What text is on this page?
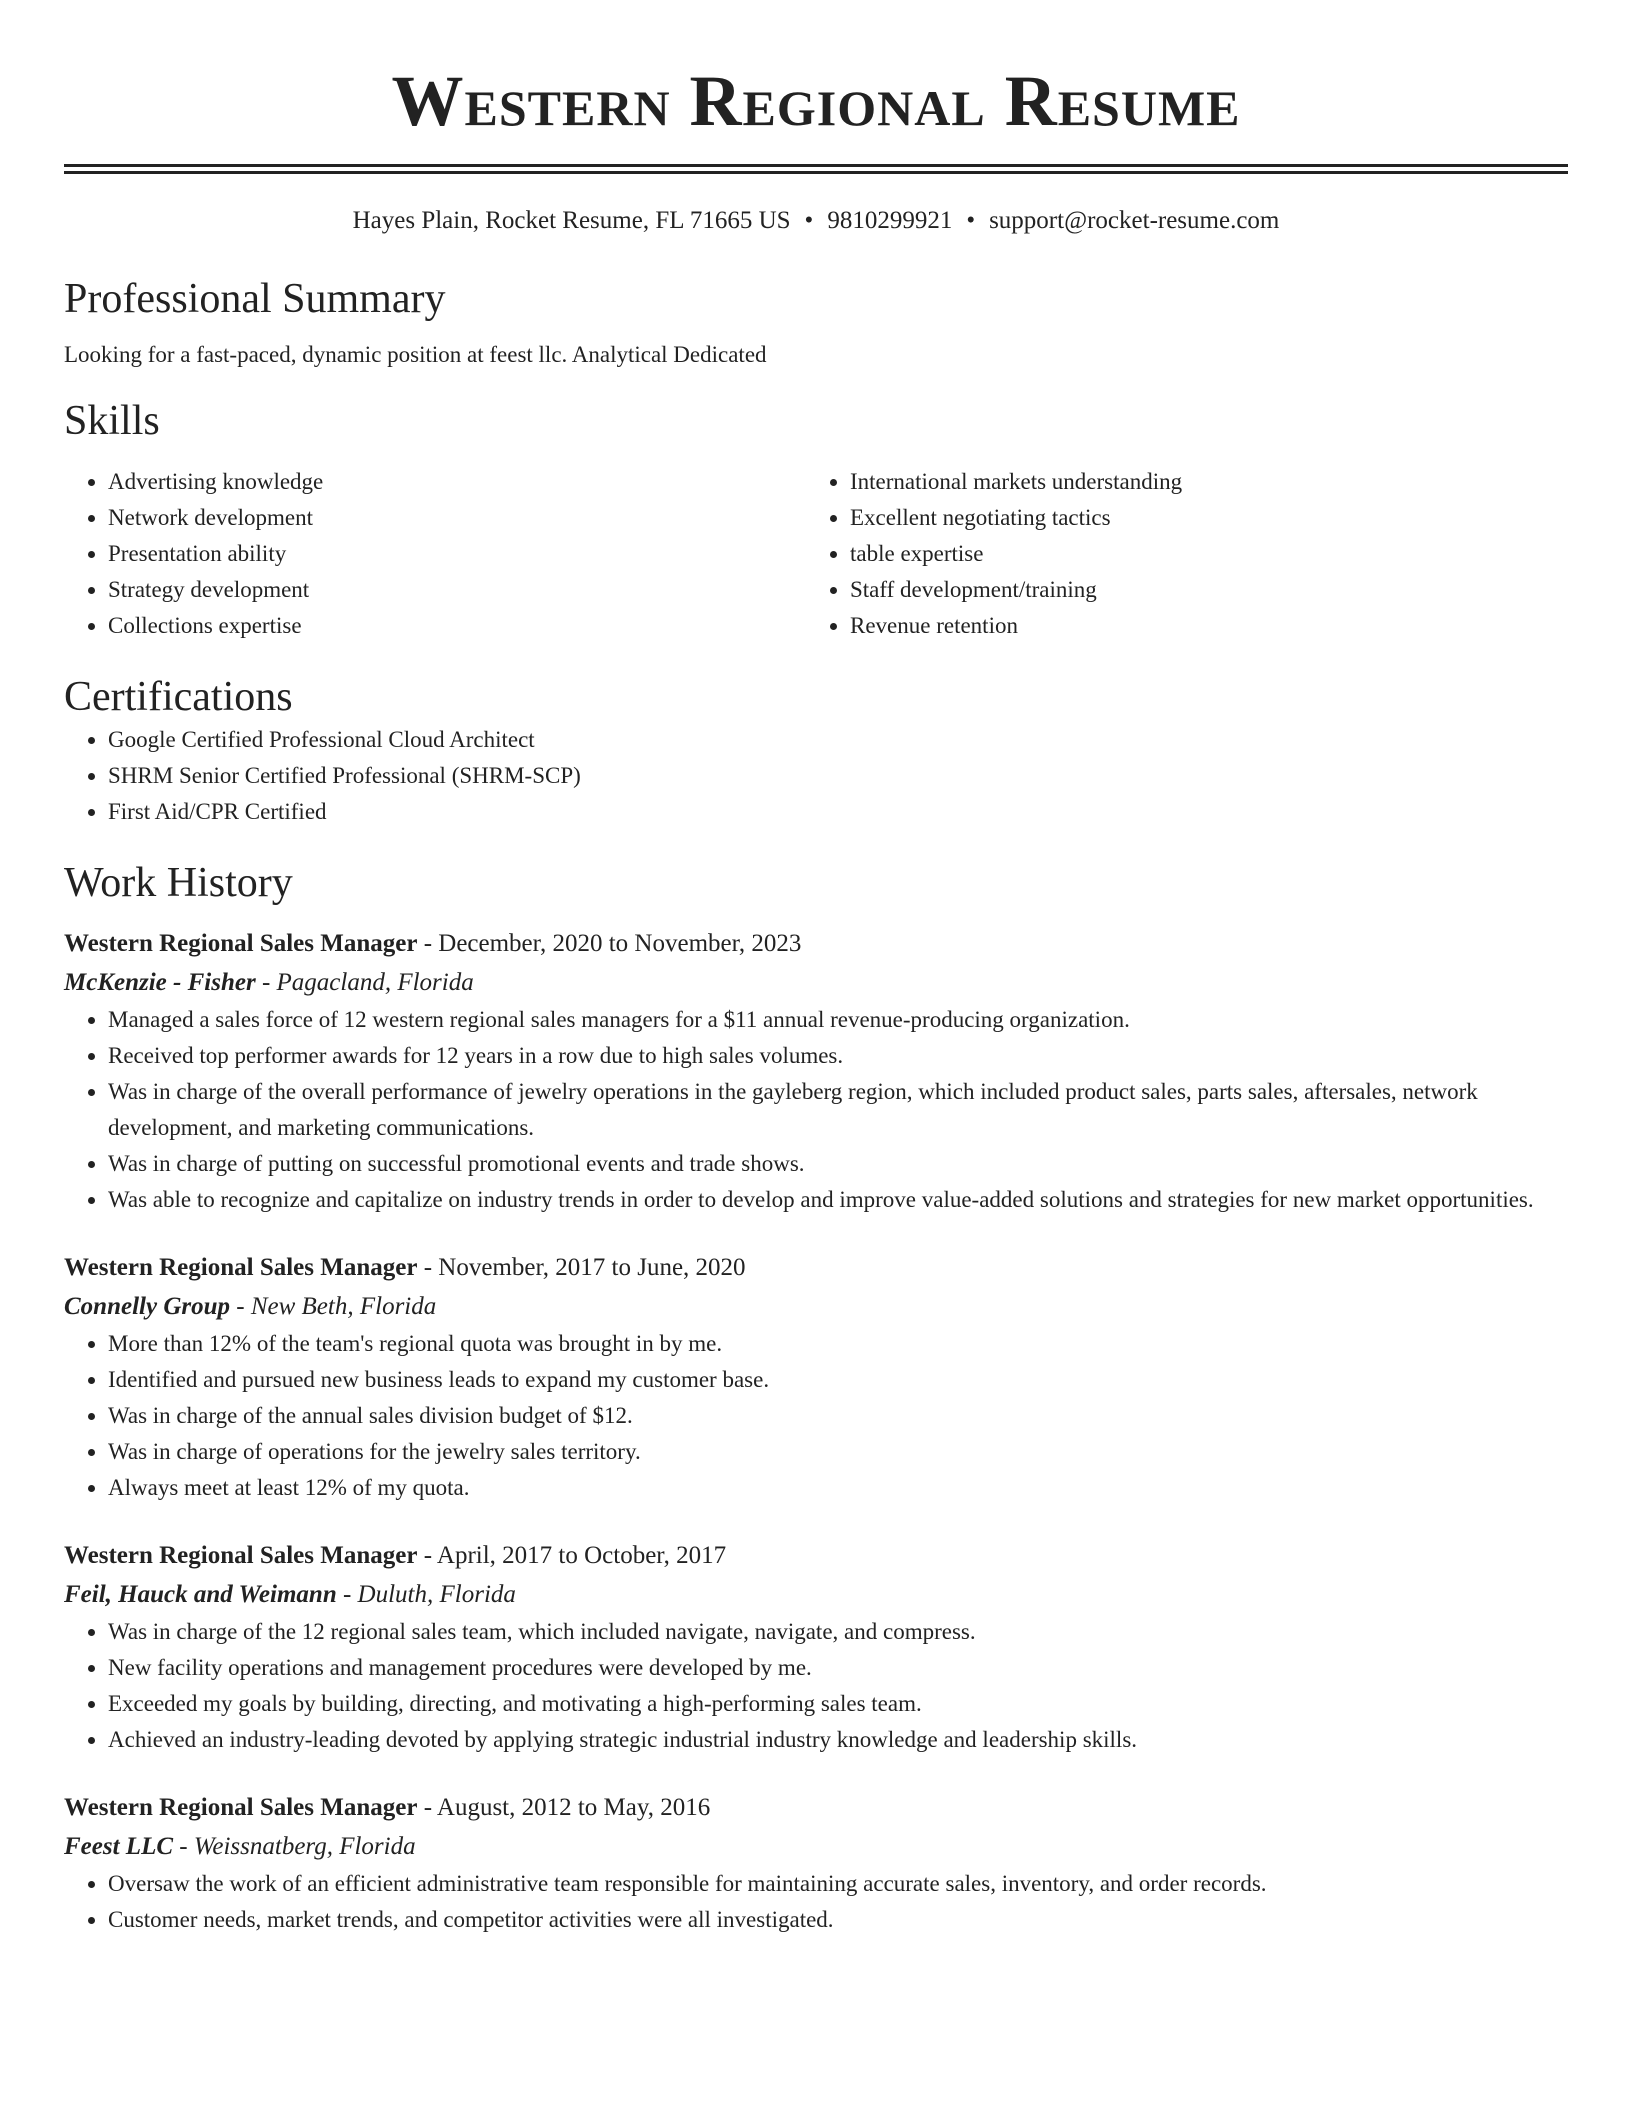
Western Regional Resume
Hayes Plain, Rocket Resume, FL 71665 US • 9810299921 • support@rocket-resume.com
Professional Summary
Looking for a fast-paced, dynamic position at feest llc. Analytical Dedicated
Skills
• Advertising knowledge
• Network development
• Presentation ability
• Strategy development
• Collections expertise
• International markets understanding
• Excellent negotiating tactics
• table expertise
• Staff development/training
• Revenue retention
Certifications
• Google Certified Professional Cloud Architect
• SHRM Senior Certified Professional (SHRM-SCP)
• First Aid/CPR Certified
Work History
Western Regional Sales Manager - December, 2020 to November, 2023
McKenzie - Fisher - Pagacland, Florida
• Managed a sales force of 12 western regional sales managers for a $11 annual revenue-producing organization.
• Received top performer awards for 12 years in a row due to high sales volumes.
• Was in charge of the overall performance of jewelry operations in the gayleberg region, which included product sales, parts sales, aftersales, network development, and marketing communications.
• Was in charge of putting on successful promotional events and trade shows.
• Was able to recognize and capitalize on industry trends in order to develop and improve value-added solutions and strategies for new market opportunities.
Western Regional Sales Manager - November, 2017 to June, 2020
Connelly Group - New Beth, Florida
• More than 12% of the team's regional quota was brought in by me.
• Identified and pursued new business leads to expand my customer base.
• Was in charge of the annual sales division budget of $12.
• Was in charge of operations for the jewelry sales territory.
• Always meet at least 12% of my quota.
Western Regional Sales Manager - April, 2017 to October, 2017
Feil, Hauck and Weimann - Duluth, Florida
• Was in charge of the 12 regional sales team, which included navigate, navigate, and compress.
• New facility operations and management procedures were developed by me.
• Exceeded my goals by building, directing, and motivating a high-performing sales team.
• Achieved an industry-leading devoted by applying strategic industrial industry knowledge and leadership skills.
Western Regional Sales Manager - August, 2012 to May, 2016
Feest LLC - Weissnatberg, Florida
• Oversaw the work of an efficient administrative team responsible for maintaining accurate sales, inventory, and order records.
• Customer needs, market trends, and competitor activities were all investigated.
